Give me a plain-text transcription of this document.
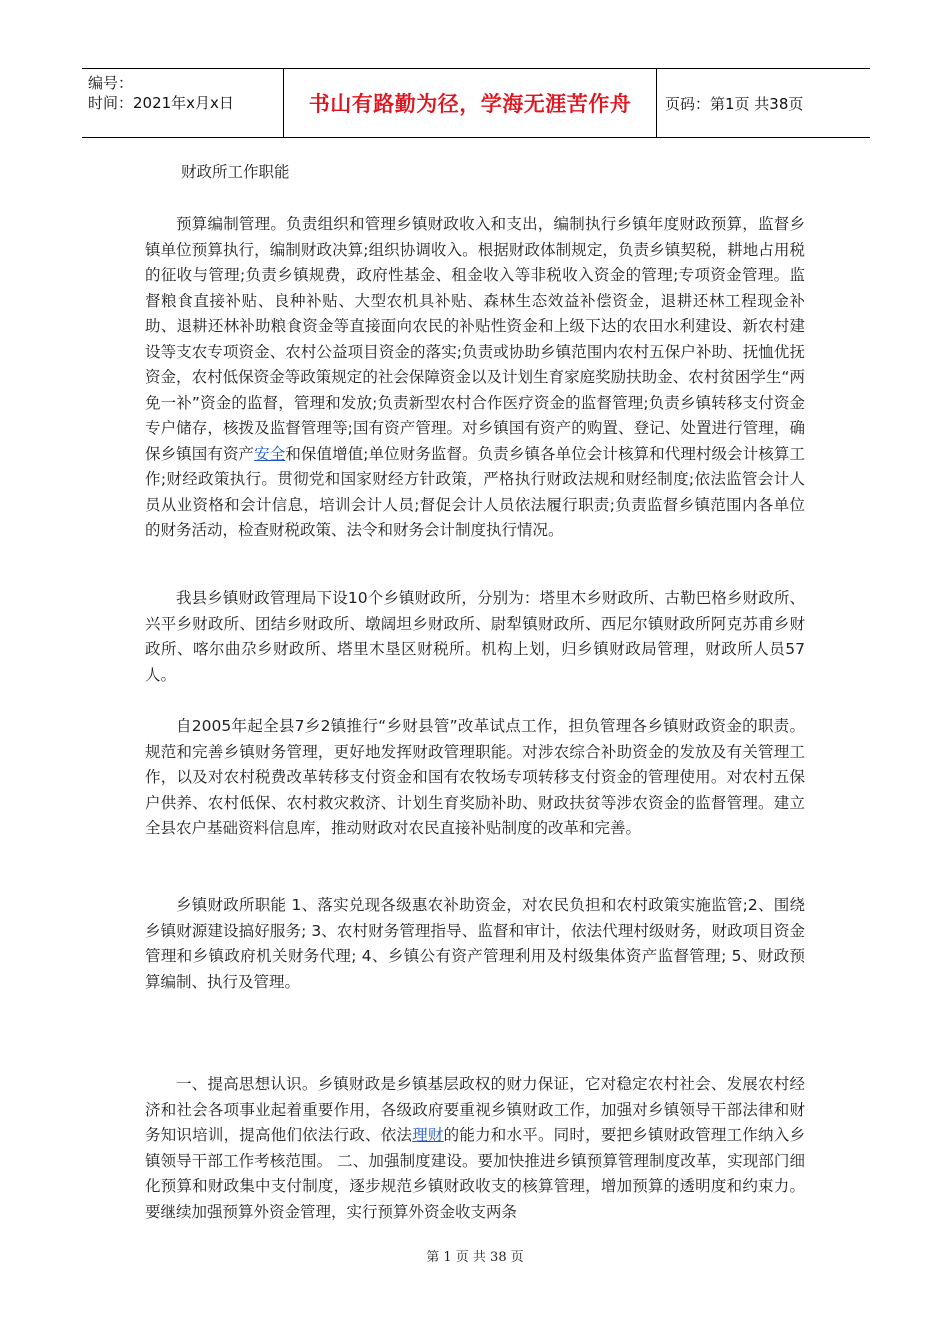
编号：
时间：2021年x月x日	书山有路勤为径，学海无涯苦作舟	页码：第1页 共38页
财政所工作职能

预算编制管理。负责组织和管理乡镇财政收入和支出，编制执行乡镇年度财政预算，监督乡镇单位预算执行，编制财政决算;组织协调收入。根据财政体制规定，负责乡镇契税，耕地占用税的征收与管理;负责乡镇规费，政府性基金、租金收入等非税收入资金的管理;专项资金管理。监督粮食直接补贴、良种补贴、大型农机具补贴、森林生态效益补偿资金，退耕还林工程现金补助、退耕还林补助粮食资金等直接面向农民的补贴性资金和上级下达的农田水利建设、新农村建设等支农专项资金、农村公益项目资金的落实;负责或协助乡镇范围内农村五保户补助、抚恤优抚资金，农村低保资金等政策规定的社会保障资金以及计划生育家庭奖励扶助金、农村贫困学生“两免一补”资金的监督，管理和发放;负责新型农村合作医疗资金的监督管理;负责乡镇转移支付资金专户储存，核拨及监督管理等;国有资产管理。对乡镇国有资产的购置、登记、处置进行管理，确保乡镇国有资产安全和保值增值;单位财务监督。负责乡镇各单位会计核算和代理村级会计核算工作;财经政策执行。贯彻党和国家财经方针政策，严格执行财政法规和财经制度;依法监管会计人员从业资格和会计信息，培训会计人员;督促会计人员依法履行职责;负责监督乡镇范围内各单位的财务活动，检查财税政策、法令和财务会计制度执行情况。

我县乡镇财政管理局下设10个乡镇财政所，分别为：塔里木乡财政所、古勒巴格乡财政所、兴平乡财政所、团结乡财政所、墩阔坦乡财政所、尉犁镇财政所、西尼尔镇财政所阿克苏甫乡财政所、喀尔曲尕乡财政所、塔里木垦区财税所。机构上划，归乡镇财政局管理，财政所人员57人。

自2005年起全县7乡2镇推行“乡财县管”改革试点工作，担负管理各乡镇财政资金的职责。规范和完善乡镇财务管理，更好地发挥财政管理职能。对涉农综合补助资金的发放及有关管理工作，以及对农村税费改革转移支付资金和国有农牧场专项转移支付资金的管理使用。对农村五保户供养、农村低保、农村救灾救济、计划生育奖励补助、财政扶贫等涉农资金的监督管理。建立全县农户基础资料信息库，推动财政对农民直接补贴制度的改革和完善。

乡镇财政所职能 1、落实兑现各级惠农补助资金，对农民负担和农村政策实施监管;2、围绕乡镇财源建设搞好服务; 3、农村财务管理指导、监督和审计，依法代理村级财务，财政项目资金管理和乡镇政府机关财务代理; 4、乡镇公有资产管理利用及村级集体资产监督管理; 5、财政预算编制、执行及管理。

一、提高思想认识。乡镇财政是乡镇基层政权的财力保证，它对稳定农村社会、发展农村经济和社会各项事业起着重要作用，各级政府要重视乡镇财政工作，加强对乡镇领导干部法律和财务知识培训，提高他们依法行政、依法理财的能力和水平。同时，要把乡镇财政管理工作纳入乡镇领导干部工作考核范围。 二、加强制度建设。要加快推进乡镇预算管理制度改革，实现部门细化预算和财政集中支付制度，逐步规范乡镇财政收支的核算管理，增加预算的透明度和约束力。要继续加强预算外资金管理，实行预算外资金收支两条

第 1 页 共 38 页
